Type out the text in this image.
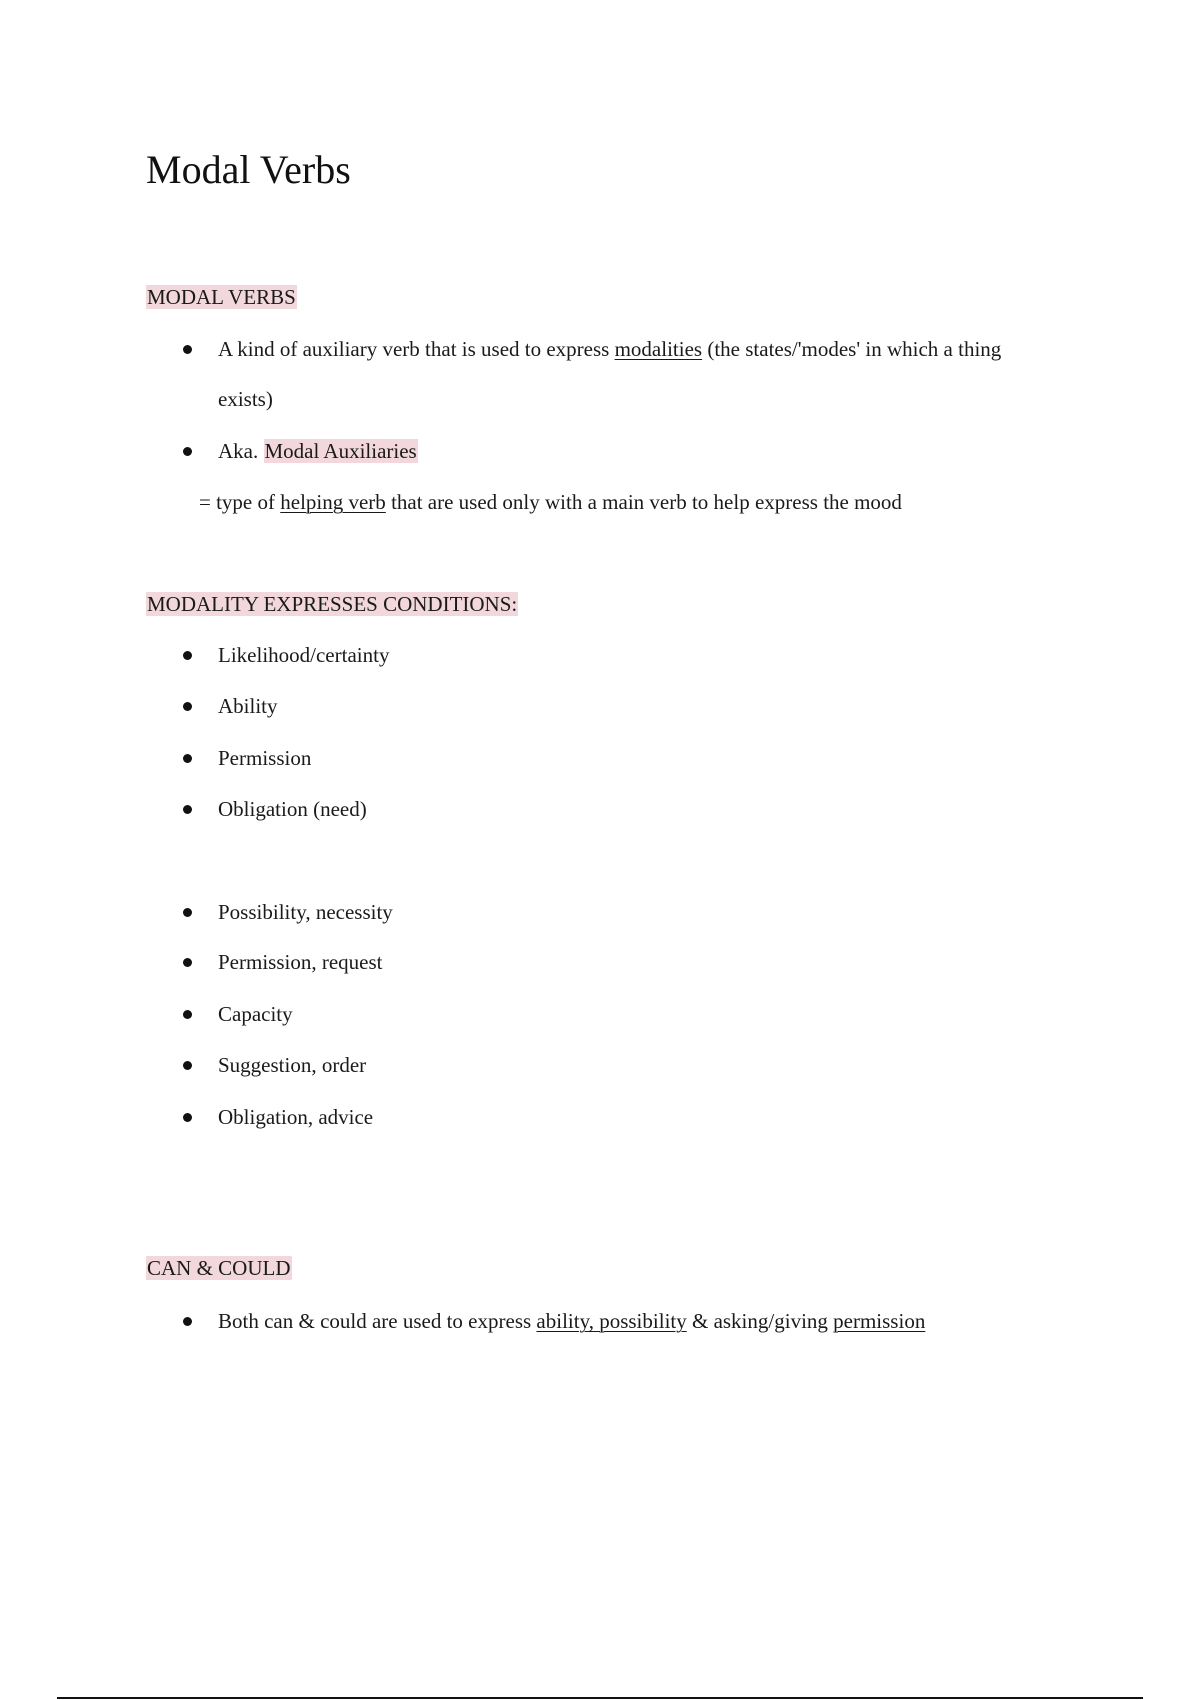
Modal Verbs
MODAL VERBS
A kind of auxiliary verb that is used to express modalities (the states/'modes' in which a thing
exists)
Aka. Modal Auxiliaries
= type of helping verb that are used only with a main verb to help express the mood
MODALITY EXPRESSES CONDITIONS:
Likelihood/certainty
Ability
Permission
Obligation (need)
Possibility, necessity
Permission, request
Capacity
Suggestion, order
Obligation, advice
CAN & COULD
Both can & could are used to express ability, possibility & asking/giving permission
